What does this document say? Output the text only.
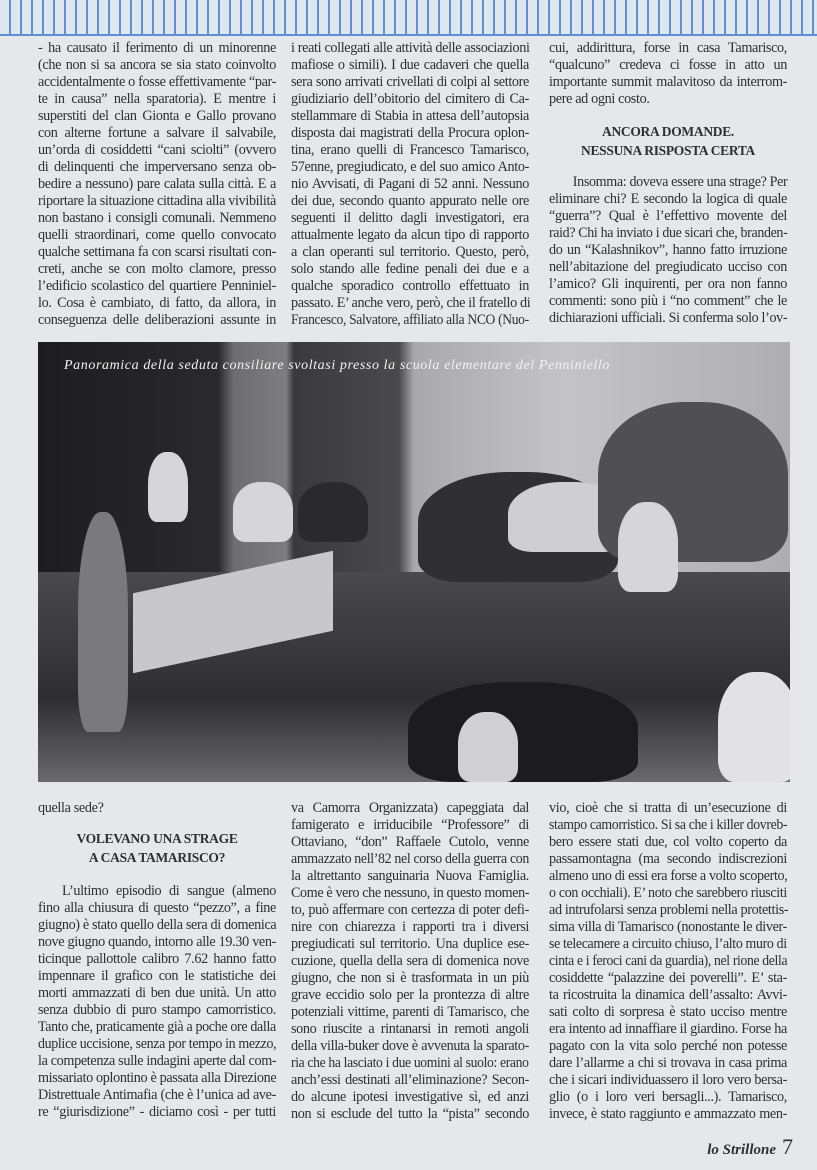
- ha causato il ferimento di un minorenne
(che non si sa ancora se sia stato coinvolto
accidentalmente o fosse effettivamente “par-
te in causa” nella sparatoria). E mentre i
superstiti del clan Gionta e Gallo provano
con alterne fortune a salvare il salvabile,
un’orda di cosiddetti “cani sciolti” (ovvero
di delinquenti che imperversano senza ob-
bedire a nessuno) pare calata sulla città. E a
riportare la situazione cittadina alla vivibilità
non bastano i consigli comunali. Nemmeno
quelli straordinari, come quello convocato
qualche settimana fa con scarsi risultati con-
creti, anche se con molto clamore, presso
l’edificio scolastico del quartiere Penniniel-
lo. Cosa è cambiato, di fatto, da allora, in
conseguenza delle deliberazioni assunte in
i reati collegati alle attività delle associazioni
mafiose o simili). I due cadaveri che quella
sera sono arrivati crivellati di colpi al settore
giudiziario dell’obitorio del cimitero di Ca-
stellammare di Stabia in attesa dell’autopsia
disposta dai magistrati della Procura oplon-
tina, erano quelli di Francesco Tamarisco,
57enne, pregiudicato, e del suo amico Anto-
nio Avvisati, di Pagani di 52 anni. Nessuno
dei due, secondo quanto appurato nelle ore
seguenti il delitto dagli investigatori, era
attualmente legato da alcun tipo di rapporto
a clan operanti sul territorio. Questo, però,
solo stando alle fedine penali dei due e a
qualche sporadico controllo effettuato in
passato. E’ anche vero, però, che il fratello di
Francesco, Salvatore, affiliato alla NCO (Nuo-
cui, addirittura, forse in casa Tamarisco,
“qualcuno” credeva ci fosse in atto un
importante summit malavitoso da interrom-
pere ad ogni costo.
ANCORA DOMANDE.
NESSUNA RISPOSTA CERTA
Insomma: doveva essere una strage? Per
eliminare chi? E secondo la logica di quale
“guerra”? Qual è l’effettivo movente del
raid? Chi ha inviato i due sicari che, branden-
do un “Kalashnikov”, hanno fatto irruzione
nell’abitazione del pregiudicato ucciso con
l’amico? Gli inquirenti, per ora non fanno
commenti: sono più i “no comment” che le
dichiarazioni ufficiali. Si conferma solo l’ov-
Panoramica della seduta consiliare svoltasi presso la scuola elementare del Penniniello
quella sede?
VOLEVANO UNA STRAGE
A CASA TAMARISCO?
L’ultimo episodio di sangue (almeno
fino alla chiusura di questo “pezzo”, a fine
giugno) è stato quello della sera di domenica
nove giugno quando, intorno alle 19.30 ven-
ticinque pallottole calibro 7.62 hanno fatto
impennare il grafico con le statistiche dei
morti ammazzati di ben due unità. Un atto
senza dubbio di puro stampo camorristico.
Tanto che, praticamente già a poche ore dalla
duplice uccisione, senza por tempo in mezzo,
la competenza sulle indagini aperte dal com-
missariato oplontino è passata alla Direzione
Distrettuale Antimafia (che è l’unica ad ave-
re “giurisdizione” - diciamo così - per tutti
va Camorra Organizzata) capeggiata dal
famigerato e irriducibile “Professore” di
Ottaviano, “don” Raffaele Cutolo, venne
ammazzato nell’82 nel corso della guerra con
la altrettanto sanguinaria Nuova Famiglia.
Come è vero che nessuno, in questo momen-
to, può affermare con certezza di poter defi-
nire con chiarezza i rapporti tra i diversi
pregiudicati sul territorio. Una duplice ese-
cuzione, quella della sera di domenica nove
giugno, che non si è trasformata in un più
grave eccidio solo per la prontezza di altre
potenziali vittime, parenti di Tamarisco, che
sono riuscite a rintanarsi in remoti angoli
della villa-buker dove è avvenuta la sparato-
ria che ha lasciato i due uomini al suolo: erano
anch’essi destinati all’eliminazione? Secon-
do alcune ipotesi investigative sì, ed anzi
non si esclude del tutto la “pista” secondo
vio, cioè che si tratta di un’esecuzione di
stampo camorristico. Si sa che i killer dovreb-
bero essere stati due, col volto coperto da
passamontagna (ma secondo indiscrezioni
almeno uno di essi era forse a volto scoperto,
o con occhiali). E’ noto che sarebbero riusciti
ad intrufolarsi senza problemi nella protettis-
sima villa di Tamarisco (nonostante le diver-
se telecamere a circuito chiuso, l’alto muro di
cinta e i feroci cani da guardia), nel rione della
cosiddette “palazzine dei poverelli”. E’ sta-
ta ricostruita la dinamica dell’assalto: Avvi-
sati colto di sorpresa è stato ucciso mentre
era intento ad innaffiare il giardino. Forse ha
pagato con la vita solo perché non potesse
dare l’allarme a chi si trovava in casa prima
che i sicari individuassero il loro vero bersa-
glio (o i loro veri bersagli...). Tamarisco,
invece, è stato raggiunto e ammazzato men-
lo Strillone 7
